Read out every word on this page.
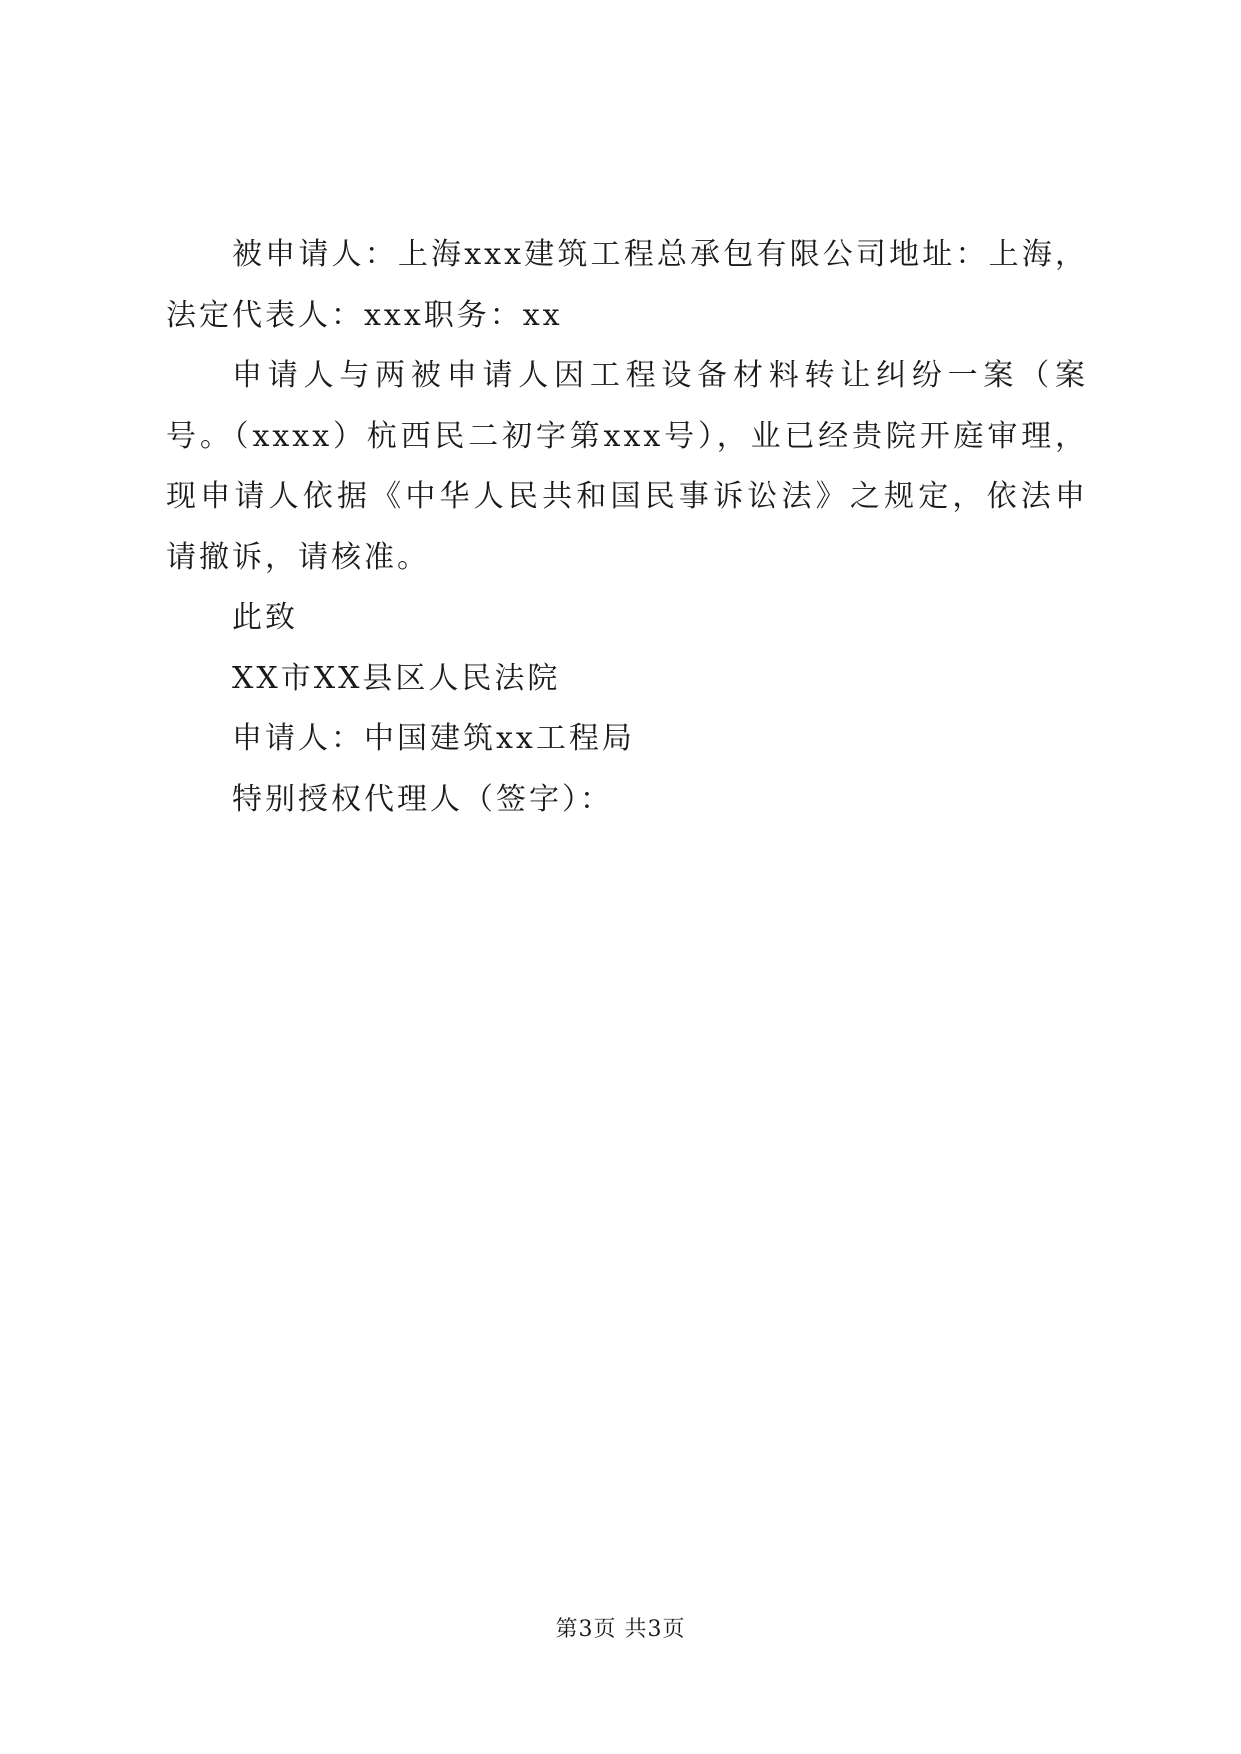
被申请人：上海xxx建筑工程总承包有限公司地址：上海，法定代表人：xxx职务：xx

申请人与两被申请人因工程设备材料转让纠纷一案（案号。（xxxx）杭西民二初字第xxx号），业已经贵院开庭审理，现申请人依据《中华人民共和国民事诉讼法》之规定，依法申请撤诉，请核准。

此致

XX市XX县区人民法院

申请人：中国建筑xx工程局

特别授权代理人（签字）：

第3页 共3页
